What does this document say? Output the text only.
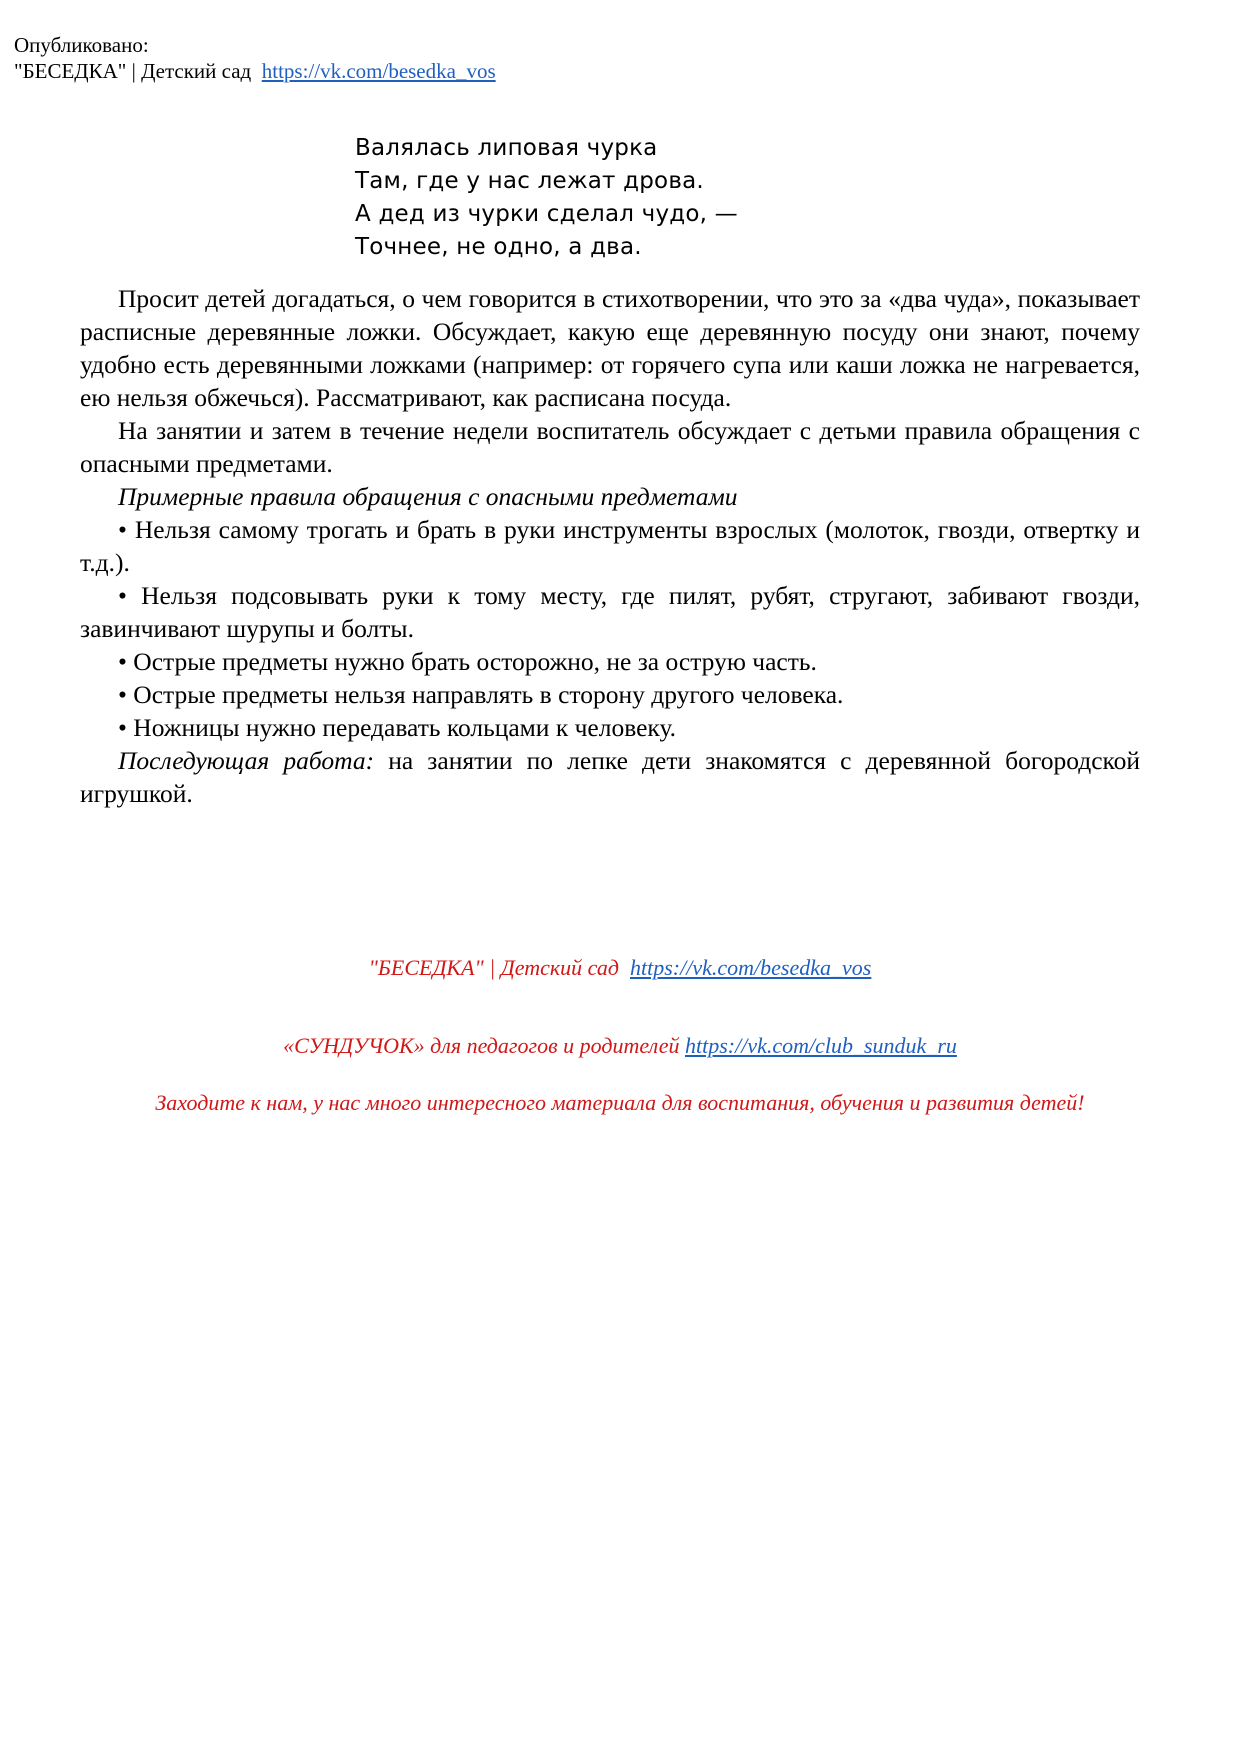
Опубликовано:
"БЕСЕДКА" | Детский сад https://vk.com/besedka_vos
Валялась липовая чурка
Там, где у нас лежат дрова.
А дед из чурки сделал чудо, —
Точнее, не одно, а два.

Просит детей догадаться, о чем говорится в стихотворении, что это за «два чуда», показывает расписные деревянные ложки. Обсуждает, какую еще деревянную посуду они знают, почему удобно есть деревянными ложками (например: от горячего супа или каши ложка не нагревается, ею нельзя обжечься). Рассматривают, как расписана посуда.

На занятии и затем в течение недели воспитатель обсуждает с детьми правила обращения с опасными предметами.

Примерные правила обращения с опасными предметами

• Нельзя самому трогать и брать в руки инструменты взрослых (молоток, гвозди, отвертку и т.д.).

• Нельзя подсовывать руки к тому месту, где пилят, рубят, стругают, забивают гвозди, завинчивают шурупы и болты.

• Острые предметы нужно брать осторожно, не за острую часть.

• Острые предметы нельзя направлять в сторону другого человека.

• Ножницы нужно передавать кольцами к человеку.

Последующая работа: на занятии по лепке дети знакомятся с деревянной богородской игрушкой.

"БЕСЕДКА" | Детский сад https://vk.com/besedka_vos
«СУНДУЧОК» для педагогов и родителей https://vk.com/club_sunduk_ru
Заходите к нам, у нас много интересного материала для воспитания, обучения и развития детей!
